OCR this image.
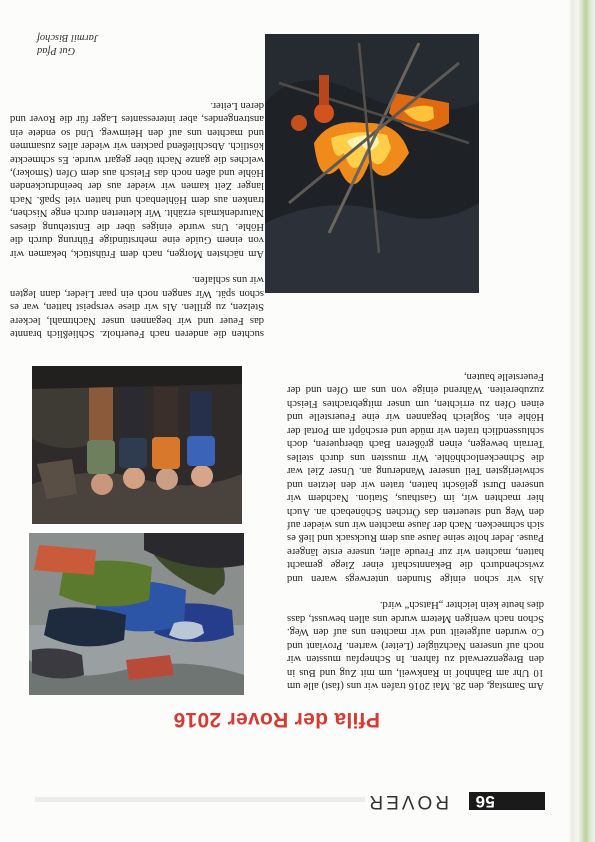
56
ROVER
Pfila der Rover 2016

Am Samstag, den 28. Mai 2016 trafen wir uns (fast) alle um 10 Uhr am Bahnhof in Rankweil, um mit Zug und Bus in den Bregenzerwald zu fahren. In Schnepfau mussten wir noch auf unseren Nachzügler (Leiter) warten. Proviant und Co wurden aufgeteilt und wir machten uns auf den Weg. Schon nach wenigen Metern wurde uns allen bewusst, dass dies heute kein leichter „Hatsch“ wird.

Als wir schon einige Stunden unterwegs waren und zwischendurch die Bekanntschaft einer Ziege gemacht hatten, machten wir zur Freude aller, unsere erste längere Pause. Jeder holte seine Jause aus dem Rucksack und ließ es sich schmecken. Nach der Jause machten wir uns wieder auf den Weg und steuerten das Örtchen Schönebach an. Auch hier machten wir, im Gasthaus, Station. Nachdem wir unseren Durst gelöscht hatten, traten wir den letzten und schwierigsten Teil unserer Wanderung an. Unser Ziel war die Schneckenlochhöhle. Wir mussten uns durch steiles Terrain bewegen, einen größeren Bach überqueren, doch schlussendlich trafen wir müde und erschöpft am Portal der Höhle ein. Sogleich begannen wir eine Feuerstelle und einen Ofen zu errichten, um unser mitgebrachtes Fleisch zuzubereiten. Während einige von uns am Ofen und der Feuerstelle bauten,

suchten die anderen nach Feuerholz. Schließlich brannte das Feuer und wir begannen unser Nachtmahl, leckere Stelzen, zu grillen. Als wir diese verspeist hatten, war es schon spät. Wir sangen noch ein paar Lieder, dann legten wir uns schlafen.

Am nächsten Morgen, nach dem Frühstück, bekamen wir von einem Guide eine mehrstündige Führung durch die Höhle. Uns wurde einiges über die Entstehung dieses Naturdenkmals erzählt. Wir kletterten durch enge Nischen, tranken aus dem Höhlenbach und hatten viel Spaß. Nach langer Zeit kamen wir wieder aus der beeindruckenden Höhle und aßen noch das Fleisch aus dem Ofen (Smoker), welches die ganze Nacht über gegart wurde. Es schmeckte köstlich. Abschließend packten wir wieder alles zusammen und machten uns auf den Heimweg. Und so endete ein anstrengendes, aber interessantes Lager für die Rover und deren Leiter.

Gut Pfad
Jarmil Bischof
